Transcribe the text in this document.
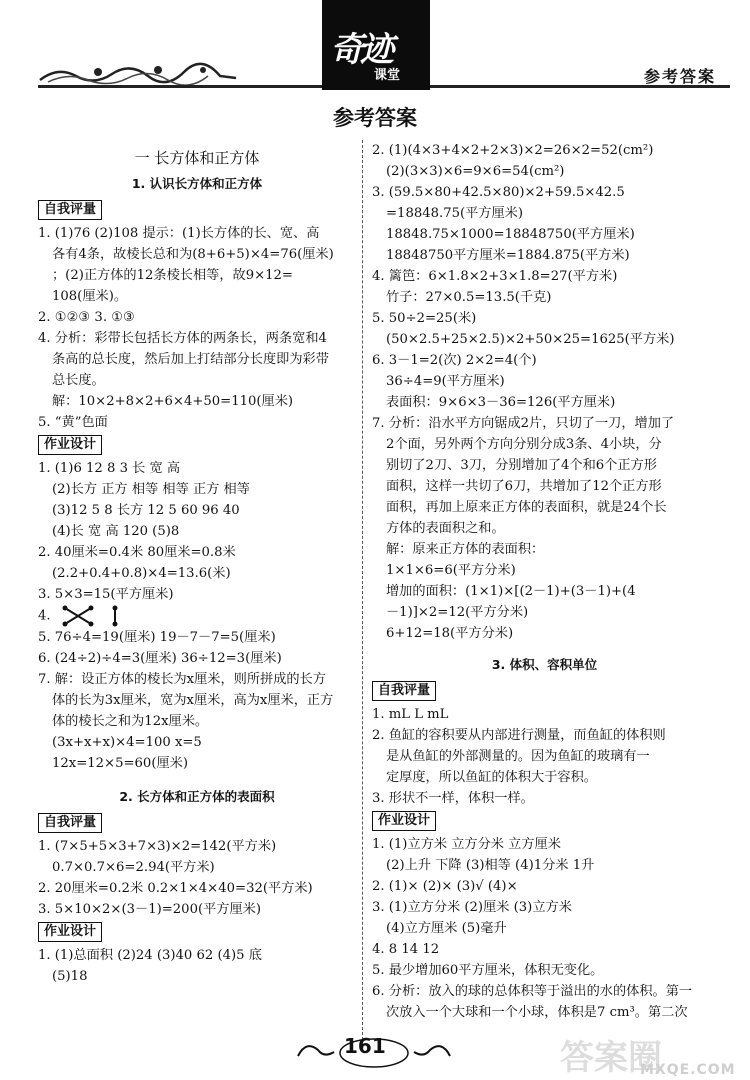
奇迹
课堂	参考答案
参考答案
一 长方体和正方体
1. 认识长方体和正方体
自我评量
1. (1)76 (2)108 提示：(1)长方体的长、宽、高
各有4条，故棱长总和为(8+6+5)×4=76(厘米)
；(2)正方体的12条棱长相等，故9×12=
108(厘米)。
2. ①②③ 3. ①③
4. 分析：彩带长包括长方体的两条长，两条宽和4
条高的总长度，然后加上打结部分长度即为彩带
总长度。
解：10×2+8×2+6×4+50=110(厘米)
5. “黄”色面
作业设计
1. (1)6 12 8 3 长 宽 高
(2)长方 正方 相等 相等 正方 相等
(3)12 5 8 长方 12 5 60 96 40
(4)长 宽 高 120 (5)8
2. 40厘米=0.4米 80厘米=0.8米
(2.2+0.4+0.8)×4=13.6(米)
3. 5×3=15(平方厘米)
4.
5. 76÷4=19(厘米) 19－7－7=5(厘米)
6. (24÷2)÷4=3(厘米) 36÷12=3(厘米)
7. 解：设正方体的棱长为x厘米，则所拼成的长方
体的长为3x厘米，宽为x厘米，高为x厘米，正方
体的棱长之和为12x厘米。
(3x+x+x)×4=100 x=5
12x=12×5=60(厘米)
2. 长方体和正方体的表面积
自我评量
1. (7×5+5×3+7×3)×2=142(平方米)
0.7×0.7×6=2.94(平方米)
2. 20厘米=0.2米 0.2×1×4×40=32(平方米)
3. 5×10×2×(3－1)=200(平方厘米)
作业设计
1. (1)总面积 (2)24 (3)40 62 (4)5 底
(5)18
2. (1)(4×3+4×2+2×3)×2=26×2=52(cm²)
(2)(3×3)×6=9×6=54(cm²)
3. (59.5×80+42.5×80)×2+59.5×42.5
=18848.75(平方厘米)
18848.75×1000=18848750(平方厘米)
18848750平方厘米=1884.875(平方米)
4. 篱笆：6×1.8×2+3×1.8=27(平方米)
竹子：27×0.5=13.5(千克)
5. 50÷2=25(米)
(50×2.5+25×2.5)×2+50×25=1625(平方米)
6. 3－1=2(次) 2×2=4(个)
36÷4=9(平方厘米)
表面积：9×6×3－36=126(平方厘米)
7. 分析：沿水平方向锯成2片，只切了一刀，增加了
2个面，另外两个方向分别分成3条、4小块，分
别切了2刀、3刀，分别增加了4个和6个正方形
面积，这样一共切了6刀，共增加了12个正方形
面积，再加上原来正方体的表面积，就是24个长
方体的表面积之和。
解：原来正方体的表面积：
1×1×6=6(平方分米)
增加的面积：(1×1)×[(2－1)+(3－1)+(4
－1)]×2=12(平方分米)
6+12=18(平方分米)
3. 体积、容积单位
自我评量
1. mL L mL
2. 鱼缸的容积要从内部进行测量，而鱼缸的体积则
是从鱼缸的外部测量的。因为鱼缸的玻璃有一
定厚度，所以鱼缸的体积大于容积。
3. 形状不一样，体积一样。
作业设计
1. (1)立方米 立方分米 立方厘米
(2)上升 下降 (3)相等 (4)1分米 1升
2. (1)× (2)× (3)√ (4)×
3. (1)立方分米 (2)厘米 (3)立方米
(4)立方厘米 (5)毫升
4. 8 14 12
5. 最少增加60平方厘米，体积无变化。
6. 分析：放入的球的总体积等于溢出的水的体积。第一
次放入一个大球和一个小球，体积是7 cm³。第二次
161	答案圈
MXQE.COM
